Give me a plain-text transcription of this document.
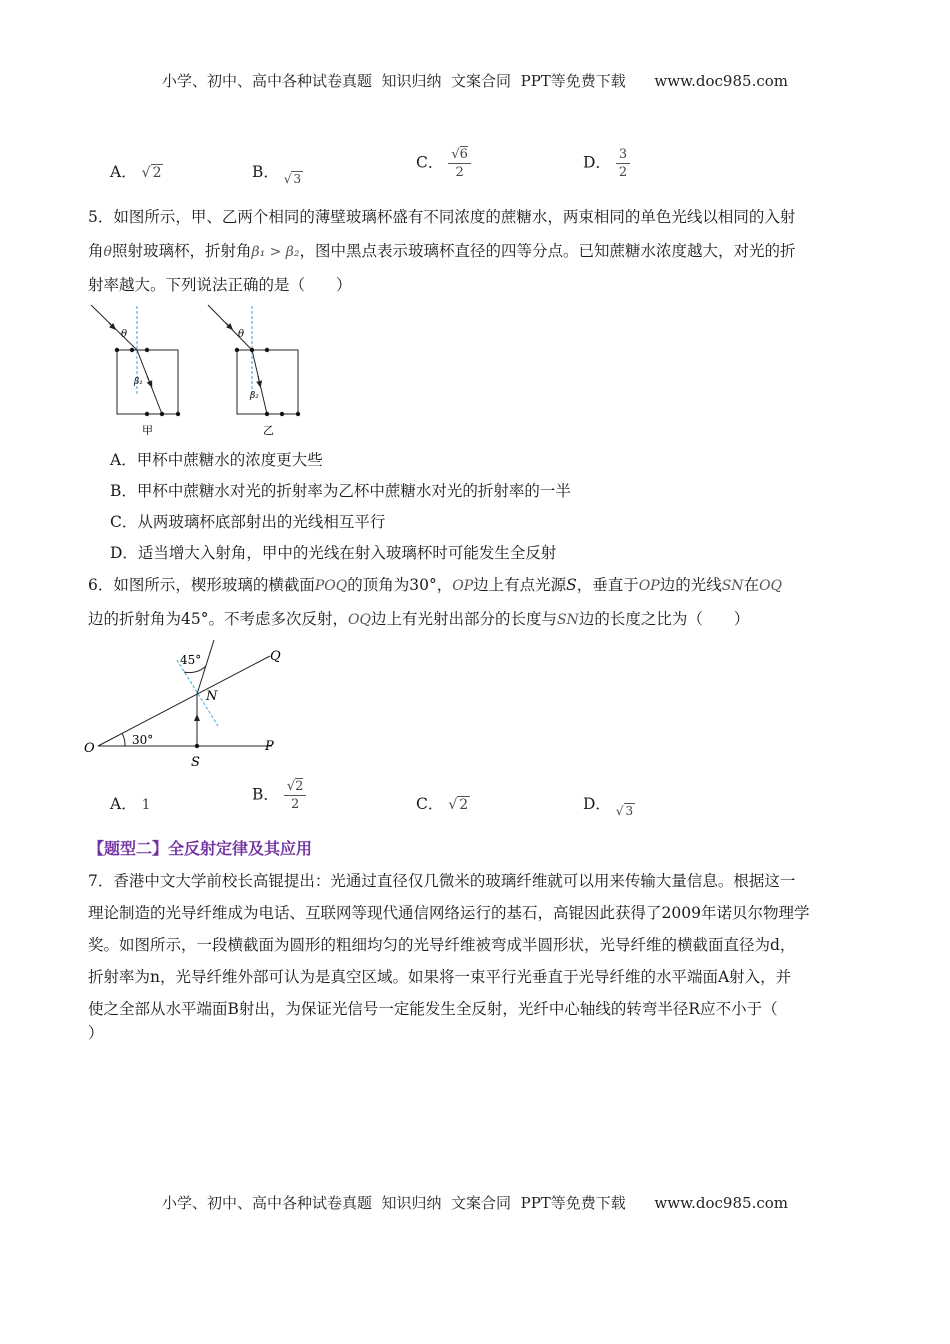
小学、初中、高中各种试卷真题  知识归纳  文案合同  PPT等免费下载      www.doc985.com
A． √ 2	B． $_{√ 3}$
C． $\frac{√6}{2}$	D． $\frac{3}{2}$
5．如图所示，甲、乙两个相同的薄壁玻璃杯盛有不同浓度的蔗糖水，两束相同的单色光线以相同的入射
角θ照射玻璃杯，折射角β₁ > β₂，图中黑点表示玻璃杯直径的四等分点。已知蔗糖水浓度越大，对光的折
射率越大。下列说法正确的是（　　）
θ
β₁
甲
θ
β₂
乙
A．甲杯中蔗糖水的浓度更大些
B．甲杯中蔗糖水对光的折射率为乙杯中蔗糖水对光的折射率的一半
C．从两玻璃杯底部射出的光线相互平行
D．适当增大入射角，甲中的光线在射入玻璃杯时可能发生全反射
6．如图所示，楔形玻璃的横截面POQ的顶角为30°，OP边上有点光源S，垂直于OP边的光线SN在OQ
边的折射角为45°。不考虑多次反射，OQ边上有光射出部分的长度与SN边的长度之比为（　　）
45°
30°
O	P
Q
S
N
A． 1
B． $\frac{√2}{2}$	C． √ 2	D． $_{√ 3}$
【题型二】全反射定律及其应用
7．香港中文大学前校长高锟提出：光通过直径仅几微米的玻璃纤维就可以用来传输大量信息。根据这一
理论制造的光导纤维成为电话、互联网等现代通信网络运行的基石，高锟因此获得了2009年诺贝尔物理学
奖。如图所示，一段横截面为圆形的粗细均匀的光导纤维被弯成半圆形状，光导纤维的横截面直径为d，
折射率为n，光导纤维外部可认为是真空区域。如果将一束平行光垂直于光导纤维的水平端面A射入，并
使之全部从水平端面B射出，为保证光信号一定能发生全反射，光纤中心轴线的转弯半径R应不小于（
）
小学、初中、高中各种试卷真题  知识归纳  文案合同  PPT等免费下载      www.doc985.com
